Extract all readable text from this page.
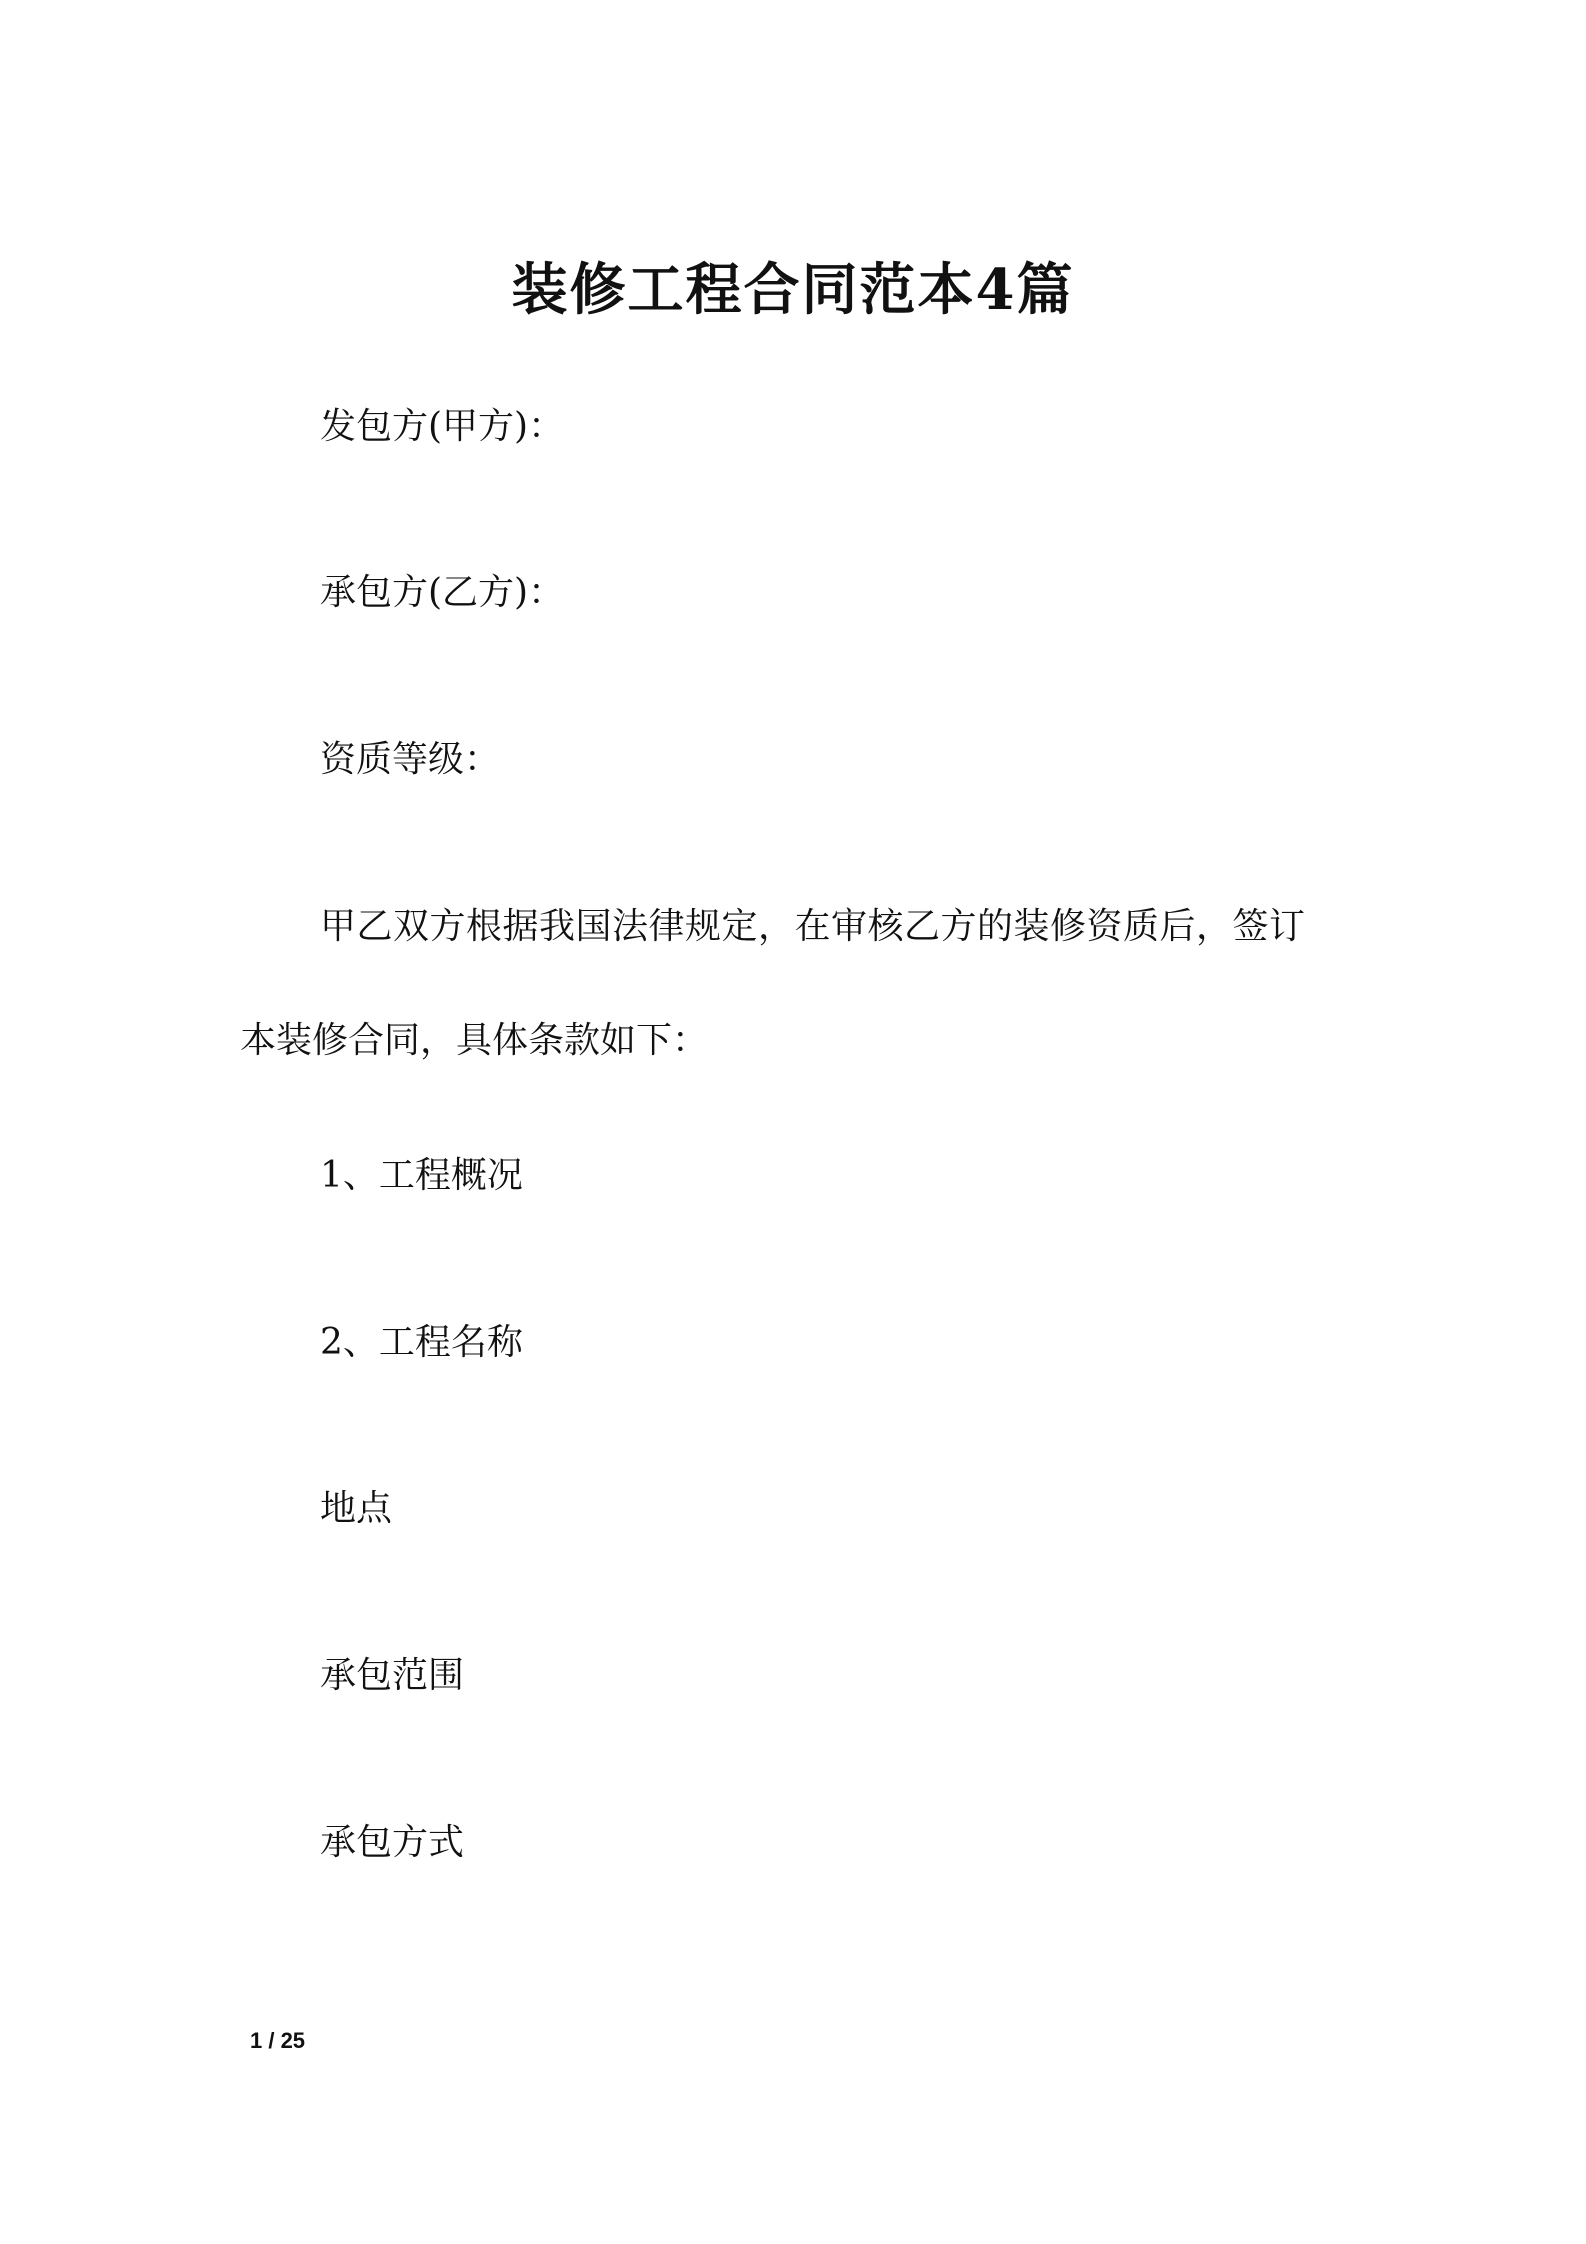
装修工程合同范本4篇
发包方(甲方)：
承包方(乙方)：
资质等级：
甲乙双方根据我国法律规定，在审核乙方的装修资质后，签订
本装修合同，具体条款如下：
1、工程概况
2、工程名称
地点
承包范围
承包方式
1 / 25
